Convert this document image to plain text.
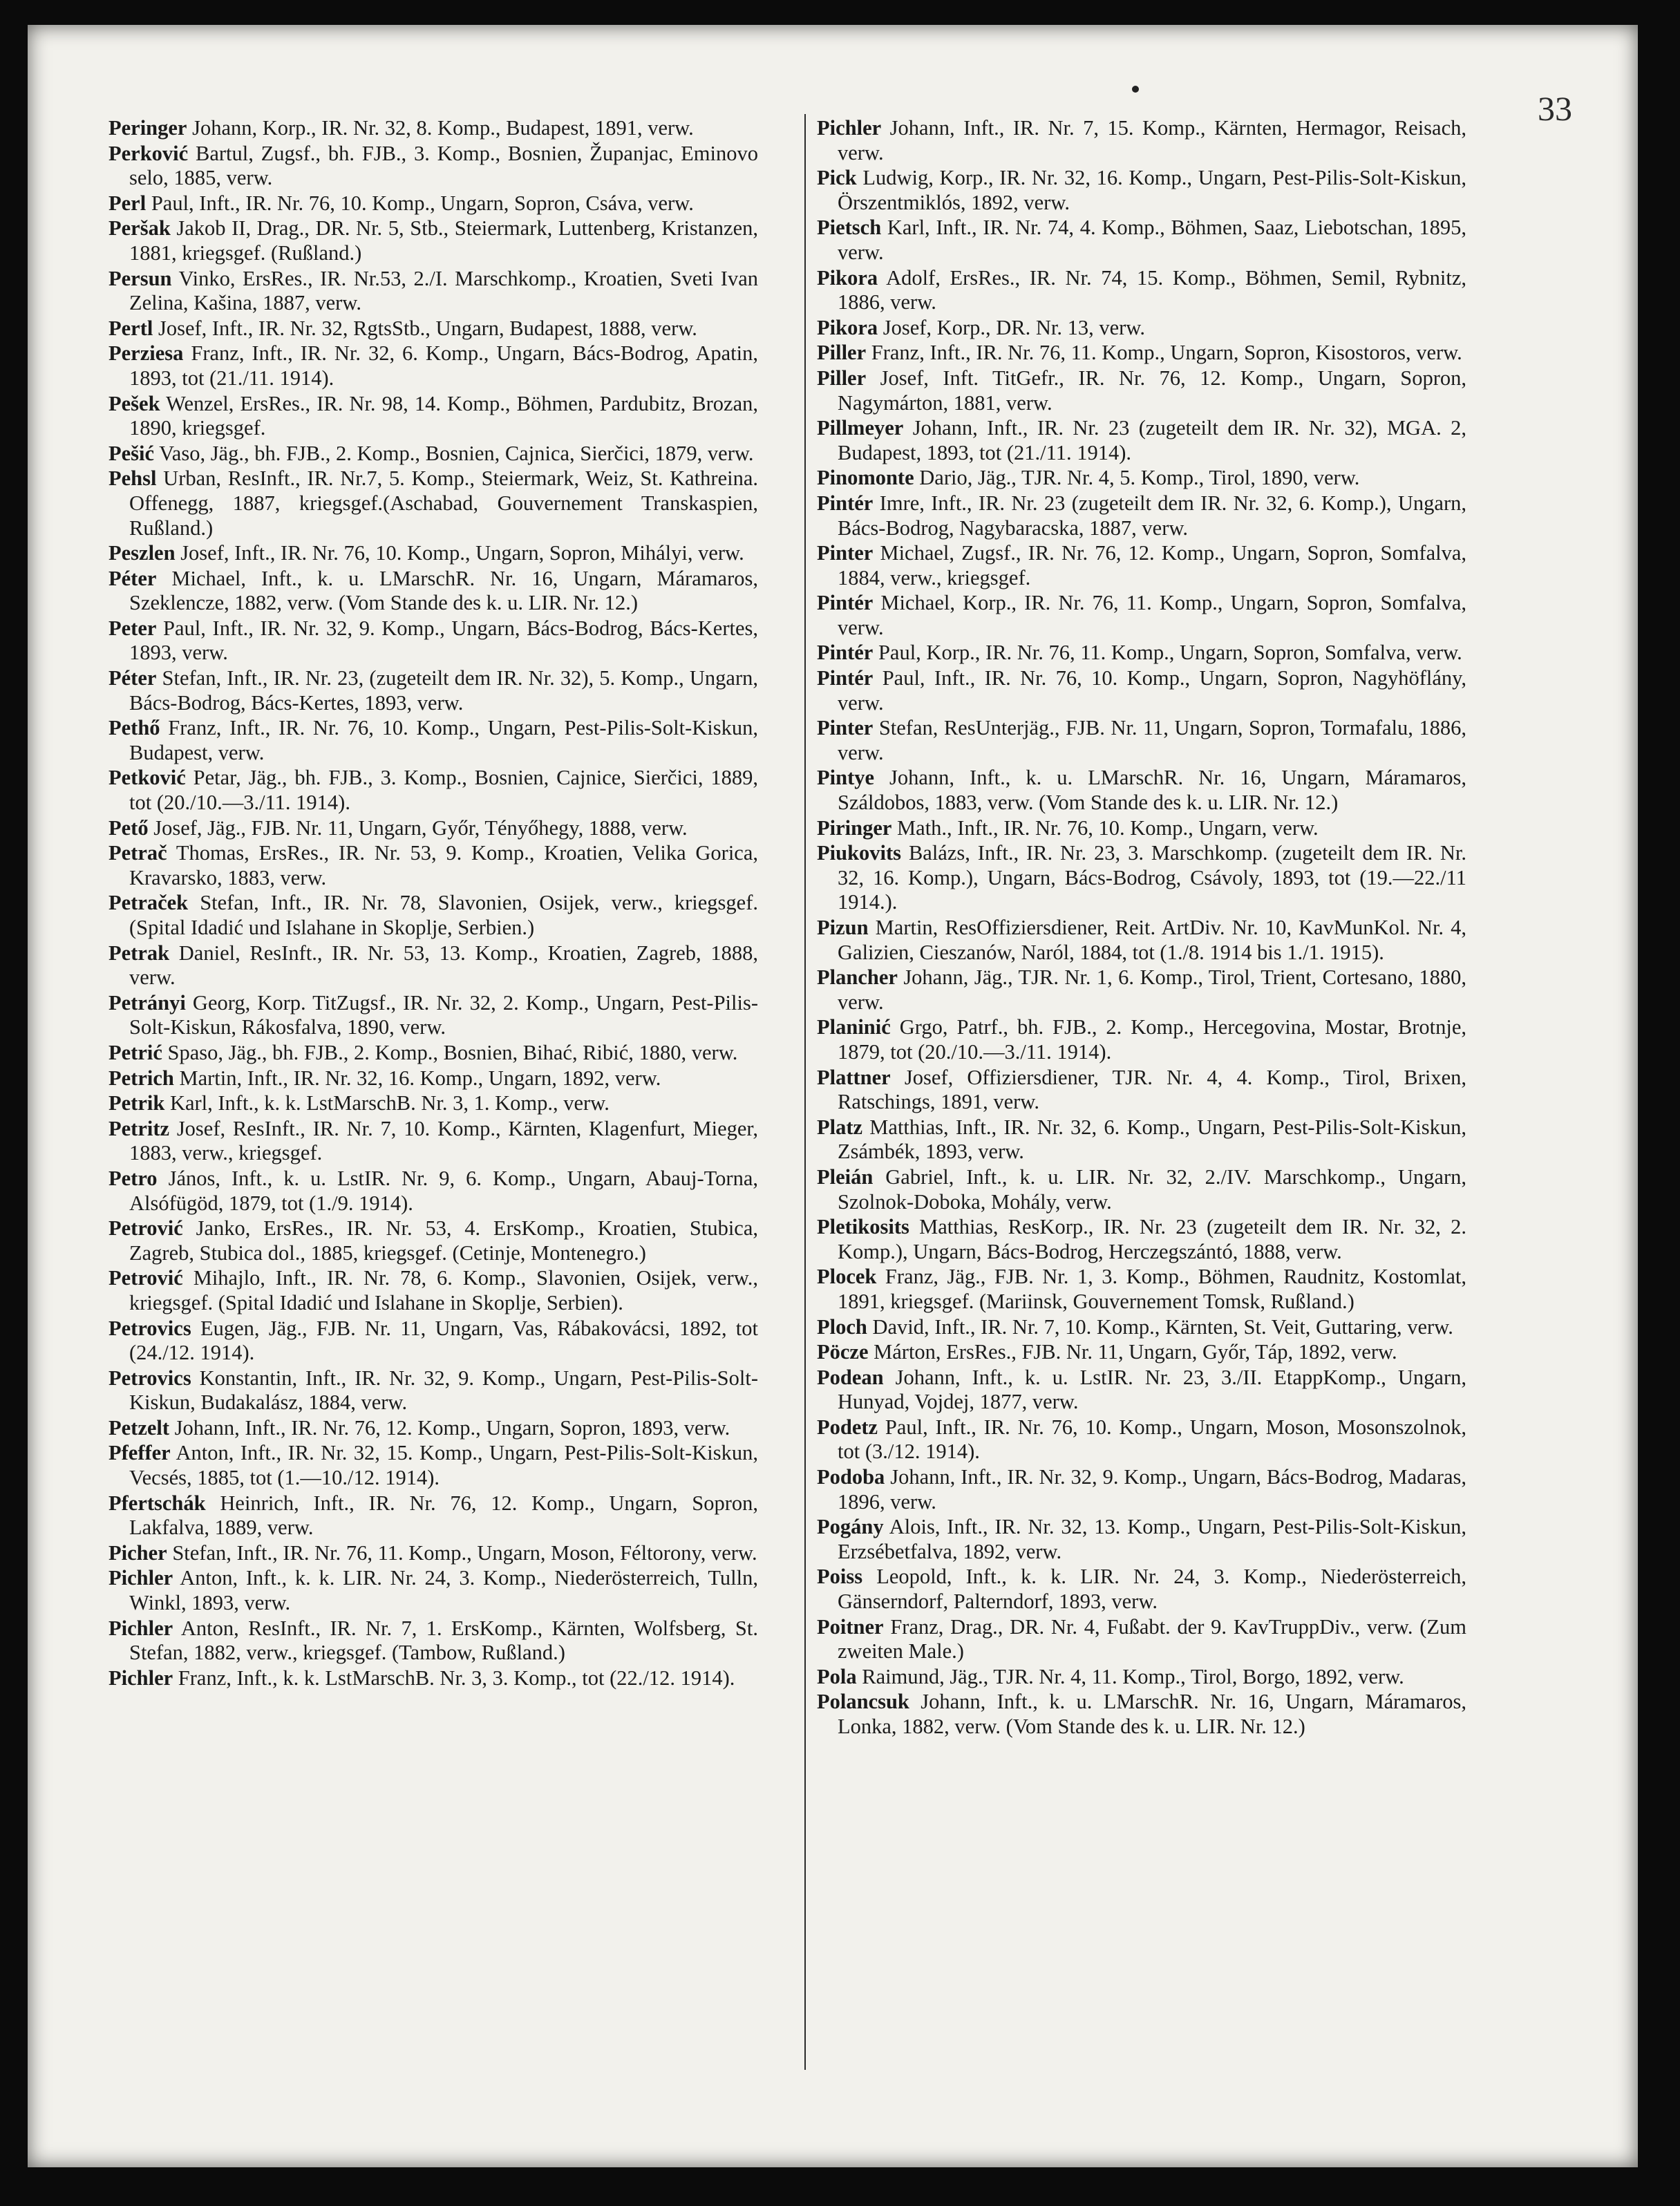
33
Peringer Johann, Korp., IR. Nr. 32, 8. Komp., Budapest, 1891, verw.
Perković Bartul, Zugsf., bh. FJB., 3. Komp., Bosnien, Županjac, Eminovo selo, 1885, verw.
Perl Paul, Inft., IR. Nr. 76, 10. Komp., Ungarn, Sopron, Csáva, verw.
Peršak Jakob II, Drag., DR. Nr. 5, Stb., Steiermark, Luttenberg, Kristanzen, 1881, kriegsgef. (Rußland.)
Persun Vinko, ErsRes., IR. Nr.53, 2./I. Marschkomp., Kroatien, Sveti Ivan Zelina, Kašina, 1887, verw.
Pertl Josef, Inft., IR. Nr. 32, RgtsStb., Ungarn, Budapest, 1888, verw.
Perziesa Franz, Inft., IR. Nr. 32, 6. Komp., Ungarn, Bács-Bodrog, Apatin, 1893, tot (21./11. 1914).
Pešek Wenzel, ErsRes., IR. Nr. 98, 14. Komp., Böhmen, Pardubitz, Brozan, 1890, kriegsgef.
Pešić Vaso, Jäg., bh. FJB., 2. Komp., Bosnien, Cajnica, Sierčici, 1879, verw.
Pehsl Urban, ResInft., IR. Nr.7, 5. Komp., Steiermark, Weiz, St. Kathreina. Offenegg, 1887, kriegsgef.(Aschabad, Gouvernement Transkaspien, Rußland.)
Peszlen Josef, Inft., IR. Nr. 76, 10. Komp., Ungarn, Sopron, Mihályi, verw.
Péter Michael, Inft., k. u. LMarschR. Nr. 16, Ungarn, Máramaros, Szeklencze, 1882, verw. (Vom Stande des k. u. LIR. Nr. 12.)
Peter Paul, Inft., IR. Nr. 32, 9. Komp., Ungarn, Bács-Bodrog, Bács-Kertes, 1893, verw.
Péter Stefan, Inft., IR. Nr. 23, (zugeteilt dem IR. Nr. 32), 5. Komp., Ungarn, Bács-Bodrog, Bács-Kertes, 1893, verw.
Pethő Franz, Inft., IR. Nr. 76, 10. Komp., Ungarn, Pest-Pilis-Solt-Kiskun, Budapest, verw.
Petković Petar, Jäg., bh. FJB., 3. Komp., Bosnien, Cajnice, Sierčici, 1889, tot (20./10.—3./11. 1914).
Pető Josef, Jäg., FJB. Nr. 11, Ungarn, Győr, Tényőhegy, 1888, verw.
Petrač Thomas, ErsRes., IR. Nr. 53, 9. Komp., Kroatien, Velika Gorica, Kravarsko, 1883, verw.
Petraček Stefan, Inft., IR. Nr. 78, Slavonien, Osijek, verw., kriegsgef. (Spital Idadić und Islahane in Skoplje, Serbien.)
Petrak Daniel, ResInft., IR. Nr. 53, 13. Komp., Kroatien, Zagreb, 1888, verw.
Petrányi Georg, Korp. TitZugsf., IR. Nr. 32, 2. Komp., Ungarn, Pest-Pilis-Solt-Kiskun, Rákosfalva, 1890, verw.
Petrić Spaso, Jäg., bh. FJB., 2. Komp., Bosnien, Bihać, Ribić, 1880, verw.
Petrich Martin, Inft., IR. Nr. 32, 16. Komp., Ungarn, 1892, verw.
Petrik Karl, Inft., k. k. LstMarschB. Nr. 3, 1. Komp., verw.
Petritz Josef, ResInft., IR. Nr. 7, 10. Komp., Kärnten, Klagenfurt, Mieger, 1883, verw., kriegsgef.
Petro János, Inft., k. u. LstIR. Nr. 9, 6. Komp., Ungarn, Abauj-Torna, Alsófügöd, 1879, tot (1./9. 1914).
Petrović Janko, ErsRes., IR. Nr. 53, 4. ErsKomp., Kroatien, Stubica, Zagreb, Stubica dol., 1885, kriegsgef. (Cetinje, Montenegro.)
Petrović Mihajlo, Inft., IR. Nr. 78, 6. Komp., Slavonien, Osijek, verw., kriegsgef. (Spital Idadić und Islahane in Skoplje, Serbien).
Petrovics Eugen, Jäg., FJB. Nr. 11, Ungarn, Vas, Rábakovácsi, 1892, tot (24./12. 1914).
Petrovics Konstantin, Inft., IR. Nr. 32, 9. Komp., Ungarn, Pest-Pilis-Solt-Kiskun, Budakalász, 1884, verw.
Petzelt Johann, Inft., IR. Nr. 76, 12. Komp., Ungarn, Sopron, 1893, verw.
Pfeffer Anton, Inft., IR. Nr. 32, 15. Komp., Ungarn, Pest-Pilis-Solt-Kiskun, Vecsés, 1885, tot (1.—10./12. 1914).
Pfertschák Heinrich, Inft., IR. Nr. 76, 12. Komp., Ungarn, Sopron, Lakfalva, 1889, verw.
Picher Stefan, Inft., IR. Nr. 76, 11. Komp., Ungarn, Moson, Féltorony, verw.
Pichler Anton, Inft., k. k. LIR. Nr. 24, 3. Komp., Niederösterreich, Tulln, Winkl, 1893, verw.
Pichler Anton, ResInft., IR. Nr. 7, 1. ErsKomp., Kärnten, Wolfsberg, St. Stefan, 1882, verw., kriegsgef. (Tambow, Rußland.)
Pichler Franz, Inft., k. k. LstMarschB. Nr. 3, 3. Komp., tot (22./12. 1914).
Pichler Johann, Inft., IR. Nr. 7, 15. Komp., Kärnten, Hermagor, Reisach, verw.
Pick Ludwig, Korp., IR. Nr. 32, 16. Komp., Ungarn, Pest-Pilis-Solt-Kiskun, Örszentmiklós, 1892, verw.
Pietsch Karl, Inft., IR. Nr. 74, 4. Komp., Böhmen, Saaz, Liebotschan, 1895, verw.
Pikora Adolf, ErsRes., IR. Nr. 74, 15. Komp., Böhmen, Semil, Rybnitz, 1886, verw.
Pikora Josef, Korp., DR. Nr. 13, verw.
Piller Franz, Inft., IR. Nr. 76, 11. Komp., Ungarn, Sopron, Kisostoros, verw.
Piller Josef, Inft. TitGefr., IR. Nr. 76, 12. Komp., Ungarn, Sopron, Nagymárton, 1881, verw.
Pillmeyer Johann, Inft., IR. Nr. 23 (zugeteilt dem IR. Nr. 32), MGA. 2, Budapest, 1893, tot (21./11. 1914).
Pinomonte Dario, Jäg., TJR. Nr. 4, 5. Komp., Tirol, 1890, verw.
Pintér Imre, Inft., IR. Nr. 23 (zugeteilt dem IR. Nr. 32, 6. Komp.), Ungarn, Bács-Bodrog, Nagybaracska, 1887, verw.
Pinter Michael, Zugsf., IR. Nr. 76, 12. Komp., Ungarn, Sopron, Somfalva, 1884, verw., kriegsgef.
Pintér Michael, Korp., IR. Nr. 76, 11. Komp., Ungarn, Sopron, Somfalva, verw.
Pintér Paul, Korp., IR. Nr. 76, 11. Komp., Ungarn, Sopron, Somfalva, verw.
Pintér Paul, Inft., IR. Nr. 76, 10. Komp., Ungarn, Sopron, Nagyhöflány, verw.
Pinter Stefan, ResUnterjäg., FJB. Nr. 11, Ungarn, Sopron, Tormafalu, 1886, verw.
Pintye Johann, Inft., k. u. LMarschR. Nr. 16, Ungarn, Máramaros, Száldobos, 1883, verw. (Vom Stande des k. u. LIR. Nr. 12.)
Piringer Math., Inft., IR. Nr. 76, 10. Komp., Ungarn, verw.
Piukovits Balázs, Inft., IR. Nr. 23, 3. Marschkomp. (zugeteilt dem IR. Nr. 32, 16. Komp.), Ungarn, Bács-Bodrog, Csávoly, 1893, tot (19.—22./11 1914.).
Pizun Martin, ResOffiziersdiener, Reit. ArtDiv. Nr. 10, KavMunKol. Nr. 4, Galizien, Cieszanów, Naról, 1884, tot (1./8. 1914 bis 1./1. 1915).
Plancher Johann, Jäg., TJR. Nr. 1, 6. Komp., Tirol, Trient, Cortesano, 1880, verw.
Planinić Grgo, Patrf., bh. FJB., 2. Komp., Hercegovina, Mostar, Brotnje, 1879, tot (20./10.—3./11. 1914).
Plattner Josef, Offiziersdiener, TJR. Nr. 4, 4. Komp., Tirol, Brixen, Ratschings, 1891, verw.
Platz Matthias, Inft., IR. Nr. 32, 6. Komp., Ungarn, Pest-Pilis-Solt-Kiskun, Zsámbék, 1893, verw.
Pleián Gabriel, Inft., k. u. LIR. Nr. 32, 2./IV. Marschkomp., Ungarn, Szolnok-Doboka, Mohály, verw.
Pletikosits Matthias, ResKorp., IR. Nr. 23 (zugeteilt dem IR. Nr. 32, 2. Komp.), Ungarn, Bács-Bodrog, Herczegszántó, 1888, verw.
Plocek Franz, Jäg., FJB. Nr. 1, 3. Komp., Böhmen, Raudnitz, Kostomlat, 1891, kriegsgef. (Mariinsk, Gouvernement Tomsk, Rußland.)
Ploch David, Inft., IR. Nr. 7, 10. Komp., Kärnten, St. Veit, Guttaring, verw.
Pöcze Márton, ErsRes., FJB. Nr. 11, Ungarn, Győr, Táp, 1892, verw.
Podean Johann, Inft., k. u. LstIR. Nr. 23, 3./II. EtappKomp., Ungarn, Hunyad, Vojdej, 1877, verw.
Podetz Paul, Inft., IR. Nr. 76, 10. Komp., Ungarn, Moson, Mosonszolnok, tot (3./12. 1914).
Podoba Johann, Inft., IR. Nr. 32, 9. Komp., Ungarn, Bács-Bodrog, Madaras, 1896, verw.
Pogány Alois, Inft., IR. Nr. 32, 13. Komp., Ungarn, Pest-Pilis-Solt-Kiskun, Erzsébetfalva, 1892, verw.
Poiss Leopold, Inft., k. k. LIR. Nr. 24, 3. Komp., Niederösterreich, Gänserndorf, Palterndorf, 1893, verw.
Poitner Franz, Drag., DR. Nr. 4, Fußabt. der 9. KavTruppDiv., verw. (Zum zweiten Male.)
Pola Raimund, Jäg., TJR. Nr. 4, 11. Komp., Tirol, Borgo, 1892, verw.
Polancsuk Johann, Inft., k. u. LMarschR. Nr. 16, Ungarn, Máramaros, Lonka, 1882, verw. (Vom Stande des k. u. LIR. Nr. 12.)
